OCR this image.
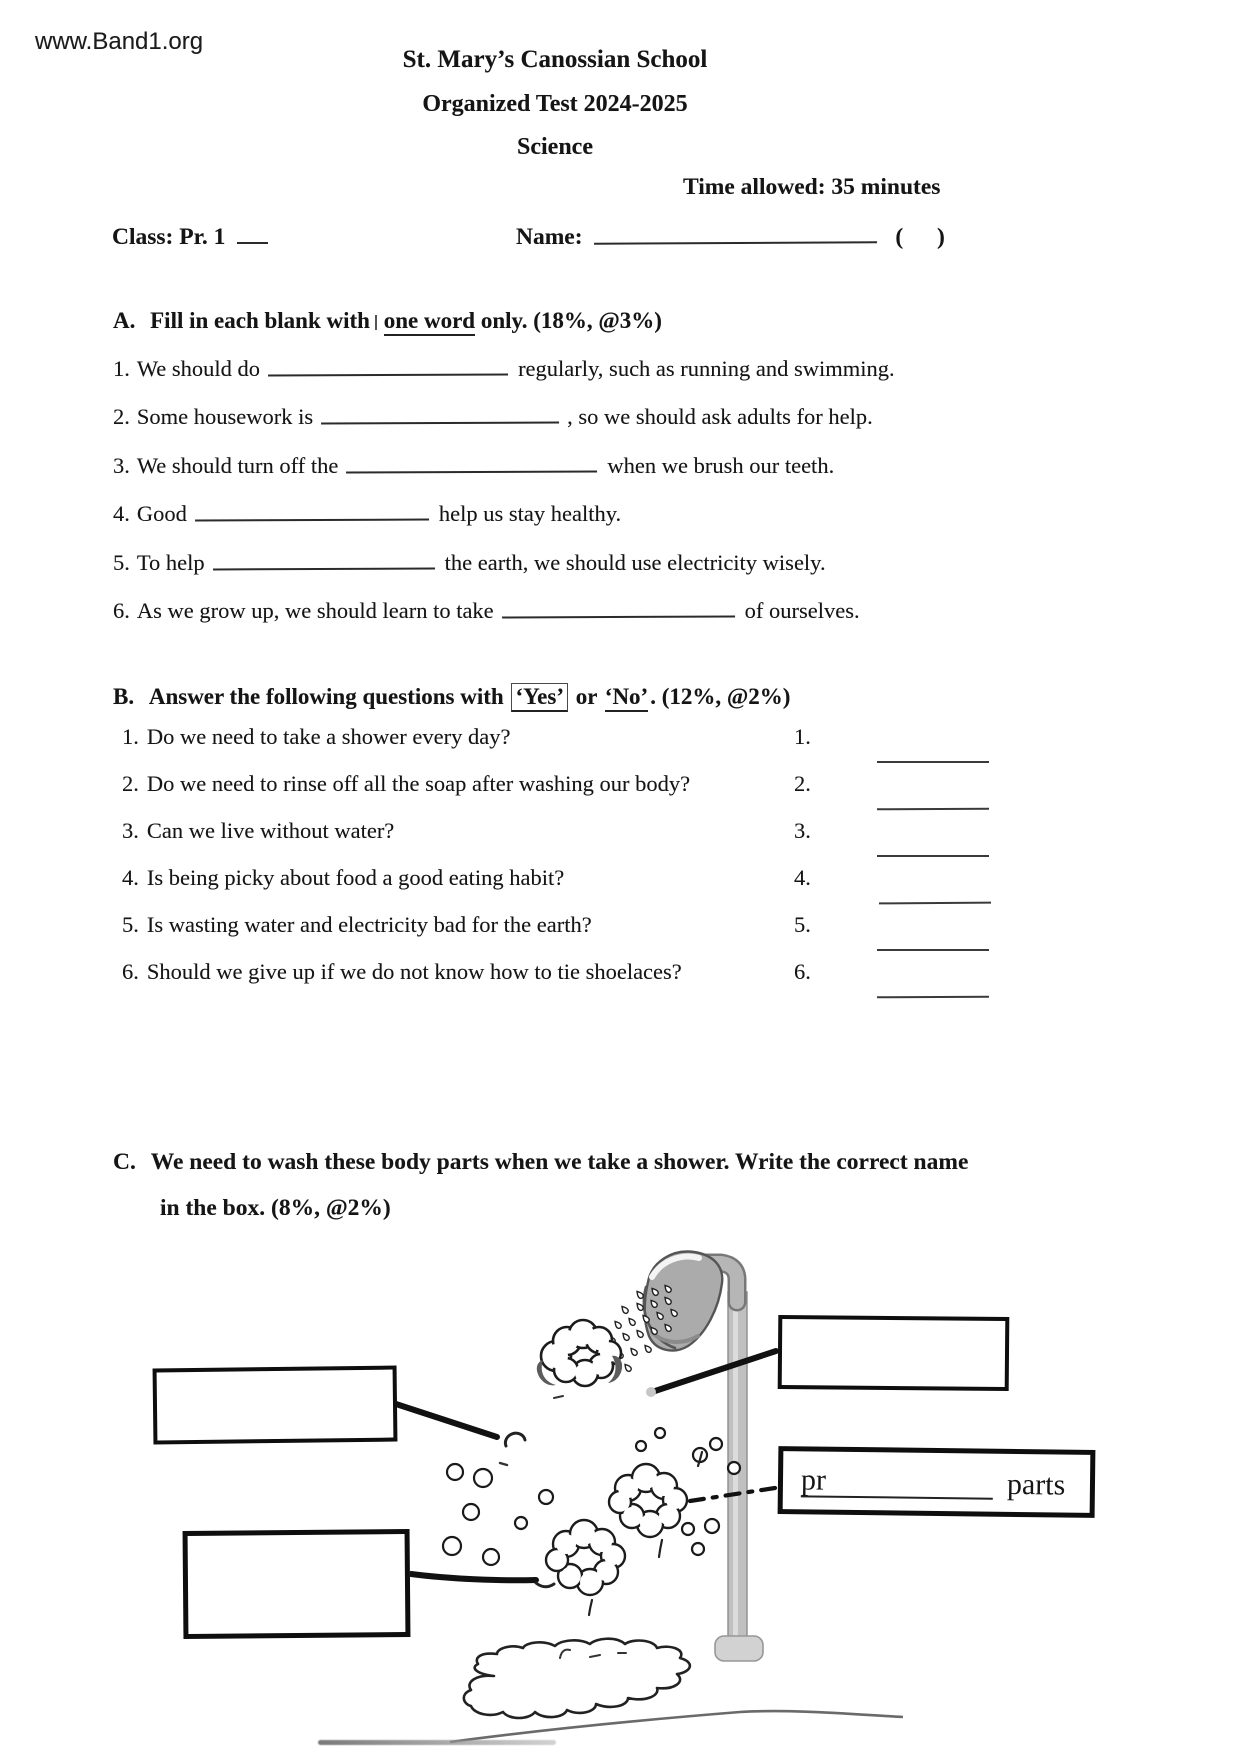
www.Band1.org
St. Mary’s Canossian School
Organized Test 2024-2025
Science
Time allowed: 35 minutes
Class: Pr. 1	Name:	( )
A. Fill in each blank with one word only. (18%, @3%)
1. We should do	regularly, such as running and swimming.
2. Some housework is	, so we should ask adults for help.
3. We should turn off the	when we brush our teeth.
4. Good	help us stay healthy.
5. To help	the earth, we should use electricity wisely.
6. As we grow up, we should learn to take	of ourselves.
B. Answer the following questions with ‘Yes’ or ‘No’. (12%, @2%)
1. Do we need to take a shower every day?	1.
2. Do we need to rinse off all the soap after washing our body?	2.
3. Can we live without water?	3.
4. Is being picky about food a good eating habit?	4.
5. Is wasting water and electricity bad for the earth?	5.
6. Should we give up if we do not know how to tie shoelaces?	6.
C. We need to wash these body parts when we take a shower. Write the correct name
in the box. (8%, @2%)
pr	parts
